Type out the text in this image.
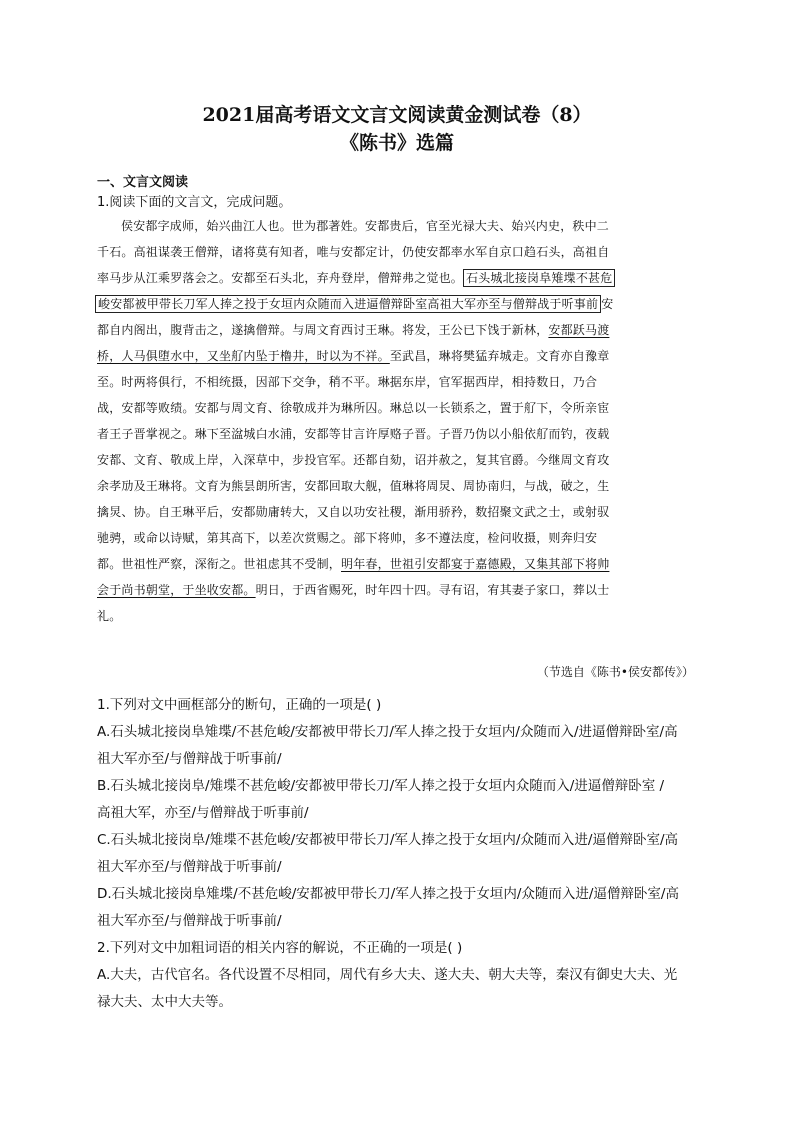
2021届高考语文文言文阅读黄金测试卷（8）
《陈书》选篇
一、文言文阅读
1.阅读下面的文言文，完成问题。
侯安都字成师，始兴曲江人也。世为郡著姓。安都贵后，官至光禄大夫、始兴内史，秩中二
千石。高祖谋袭王僧辩，诸将莫有知者，唯与安都定计，仍使安都率水军自京口趋石头，高祖自
率马步从江乘罗落会之。安都至石头北，弃舟登岸，僧辩弗之觉也。 石头城北接岗阜雉堞不甚危
峻安都被甲带长刀军人捧之投于女垣内众随而入进逼僧辩卧室高祖大军亦至与僧辩战于听事前 安
都自内阁出，腹背击之，遂擒僧辩。与周文育西讨王琳。将发，王公已下饯于新林，安都跃马渡
桥，人马俱堕水中，又坐䑠内坠于橹井，时以为不祥。至武昌，琳将樊猛弃城走。文育亦自豫章
至。时两将俱行，不相统摄，因部下交争，稍不平。琳据东岸，官军据西岸，相持数日，乃合
战，安都等败绩。安都与周文育、徐敬成并为琳所囚。琳总以一长锁系之，置于䑠下，令所亲宦
者王子晋掌视之。琳下至湓城白水浦，安都等甘言许厚赂子晋。子晋乃伪以小船依䑠而钓，夜载
安都、文育、敬成上岸，入深草中，步投官军。还都自劾，诏并赦之，复其官爵。今继周文育攻
余孝劢及王琳将。文育为熊昙朗所害，安都回取大舰，值琳将周炅、周协南归，与战，破之，生
擒炅、协。自王琳平后，安都勋庸转大，又自以功安社稷，渐用骄矜，数招聚文武之士，或射驭
驰骋，或命以诗赋，第其高下，以差次赏赐之。部下将帅，多不遵法度，检问收摄，则奔归安
都。世祖性严察，深衔之。世祖虑其不受制，明年春，世祖引安都宴于嘉德殿，又集其部下将帅
会于尚书朝堂，于坐收安都。明日，于西省赐死，时年四十四。寻有诏，宥其妻子家口，葬以士
礼。
（节选自《陈书•侯安都传》）
1.下列对文中画框部分的断句，正确的一项是( )
A.石头城北接岗阜雉堞/不甚危峻/安都被甲带长刀/军人捧之投于女垣内/众随而入/进逼僧辩卧室/高
祖大军亦至/与僧辩战于听事前/
B.石头城北接岗阜/雉堞不甚危峻/安都被甲带长刀/军人捧之投于女垣内众随而入/进逼僧辩卧室 /
高祖大军，亦至/与僧辩战于听事前/
C.石头城北接岗阜/雉堞不甚危峻/安都被甲带长刀/军人捧之投于女垣内/众随而入进/逼僧辩卧室/高
祖大军亦至/与僧辩战于听事前/
D.石头城北接岗阜雉堞/不甚危峻/安都被甲带长刀/军人捧之投于女垣内/众随而入进/逼僧辩卧室/高
祖大军亦至/与僧辩战于听事前/
2.下列对文中加粗词语的相关内容的解说，不正确的一项是( )
A.大夫，古代官名。各代设置不尽相同，周代有乡大夫、遂大夫、朝大夫等，秦汉有御史大夫、光
禄大夫、太中大夫等。
